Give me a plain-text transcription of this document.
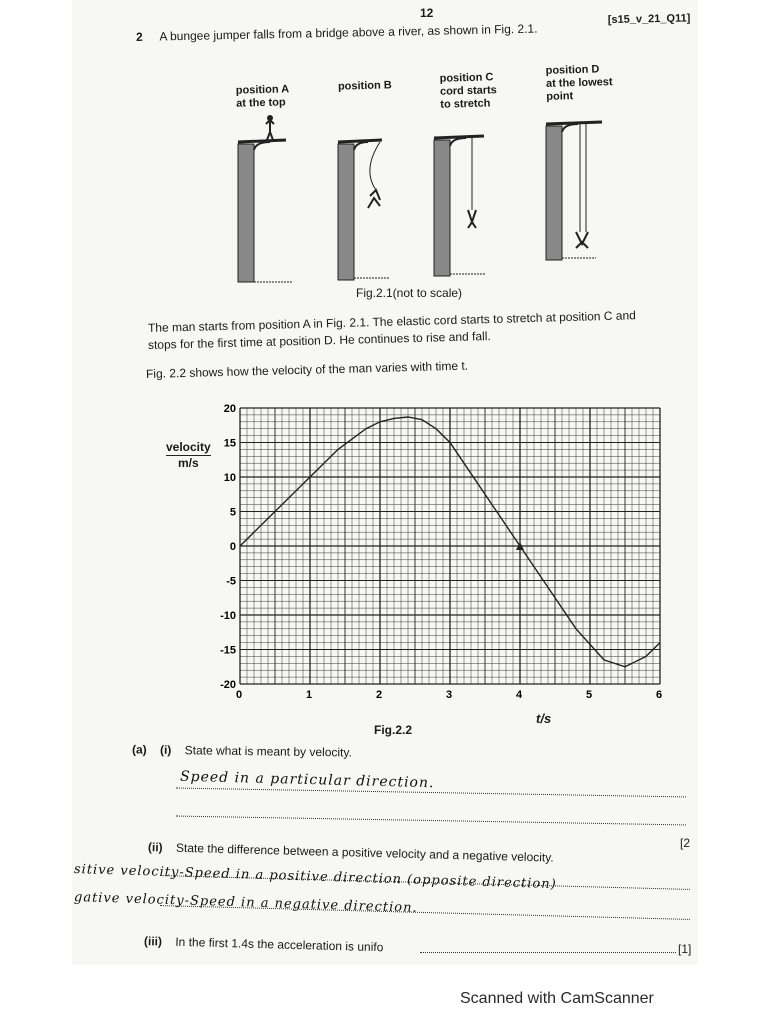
12
2 A bungee jumper falls from a bridge above a river, as shown in Fig. 2.1.
[s15_v_21_Q11]
position A
at the top
position B
position C
cord starts
to stretch
position D
at the lowest
point
Fig.2.1(not to scale)
The man starts from position A in Fig. 2.1. The elastic cord starts to stretch at position C and
stops for the first time at position D. He continues to rise and fall.
Fig. 2.2 shows how the velocity of the man varies with time t.
velocity
m/s
0	1	2	3	4	5	6
20
15
10
5
0
-5
-10
-15
-20
t/s
Fig.2.2
(a) (i) State what is meant by velocity.
Speed in a particular direction.
[2
(ii) State the difference between a positive velocity and a negative velocity.
sitive velocity-Speed in a positive direction (opposite direction)
gative velocity-Speed in a negative direction.
(iii) In the first 1.4s the acceleration is unifo	[1]
Scanned with CamScanner
